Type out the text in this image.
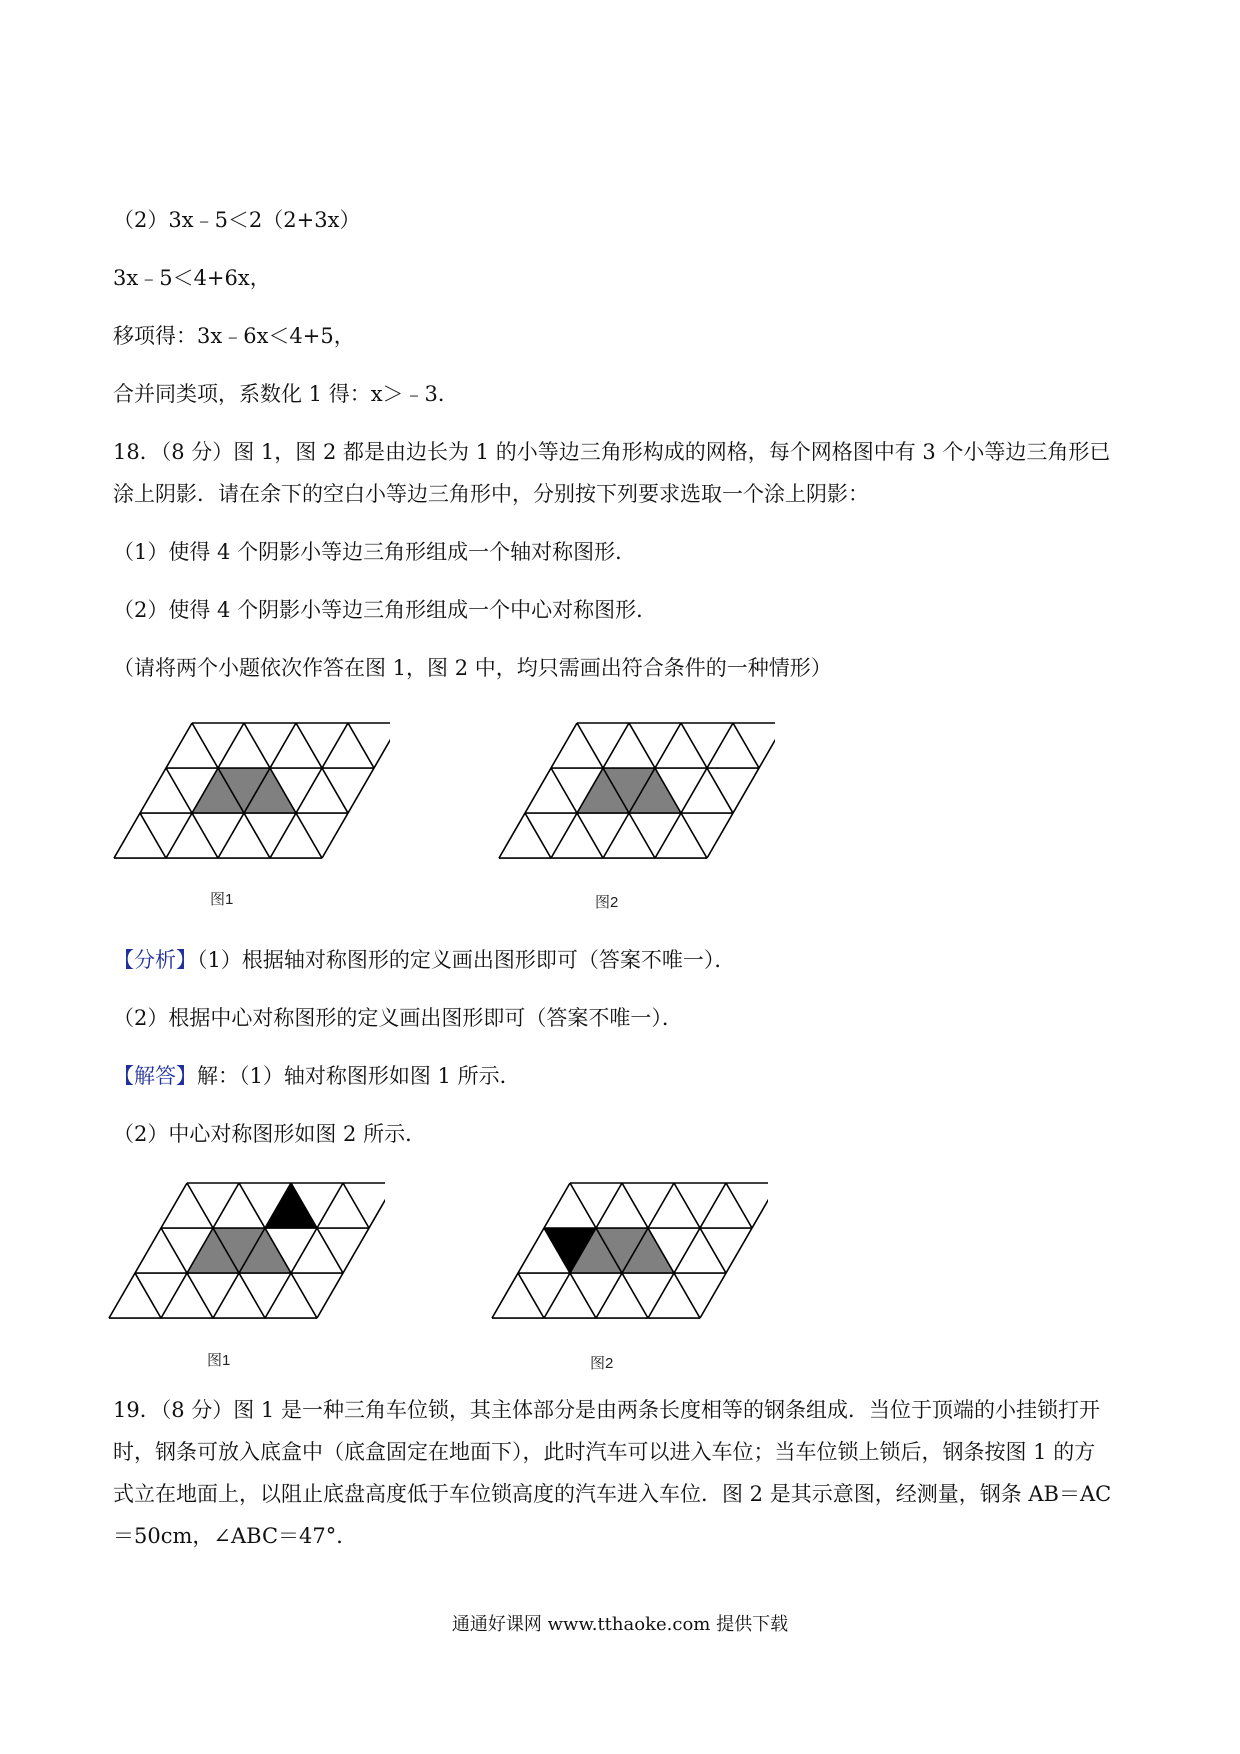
（2）3x﹣5＜2（2+3x）
3x﹣5＜4+6x，
移项得：3x﹣6x＜4+5，
合并同类项，系数化 1 得：x＞﹣3．
18．（8 分）图 1，图 2 都是由边长为 1 的小等边三角形构成的网格，每个网格图中有 3 个小等边三角形已
涂上阴影．请在余下的空白小等边三角形中，分别按下列要求选取一个涂上阴影：
（1）使得 4 个阴影小等边三角形组成一个轴对称图形．
（2）使得 4 个阴影小等边三角形组成一个中心对称图形．
（请将两个小题依次作答在图 1，图 2 中，均只需画出符合条件的一种情形）
图1	图2
【分析】（1）根据轴对称图形的定义画出图形即可（答案不唯一）．
（2）根据中心对称图形的定义画出图形即可（答案不唯一）．
【解答】解：（1）轴对称图形如图 1 所示．
（2）中心对称图形如图 2 所示．
图1	图2
19．（8 分）图 1 是一种三角车位锁，其主体部分是由两条长度相等的钢条组成．当位于顶端的小挂锁打开
时，钢条可放入底盒中（底盒固定在地面下），此时汽车可以进入车位；当车位锁上锁后，钢条按图 1 的方
式立在地面上，以阻止底盘高度低于车位锁高度的汽车进入车位．图 2 是其示意图，经测量，钢条 AB＝AC
＝50cm，∠ABC＝47°．
通通好课网 www.tthaoke.com 提供下载
